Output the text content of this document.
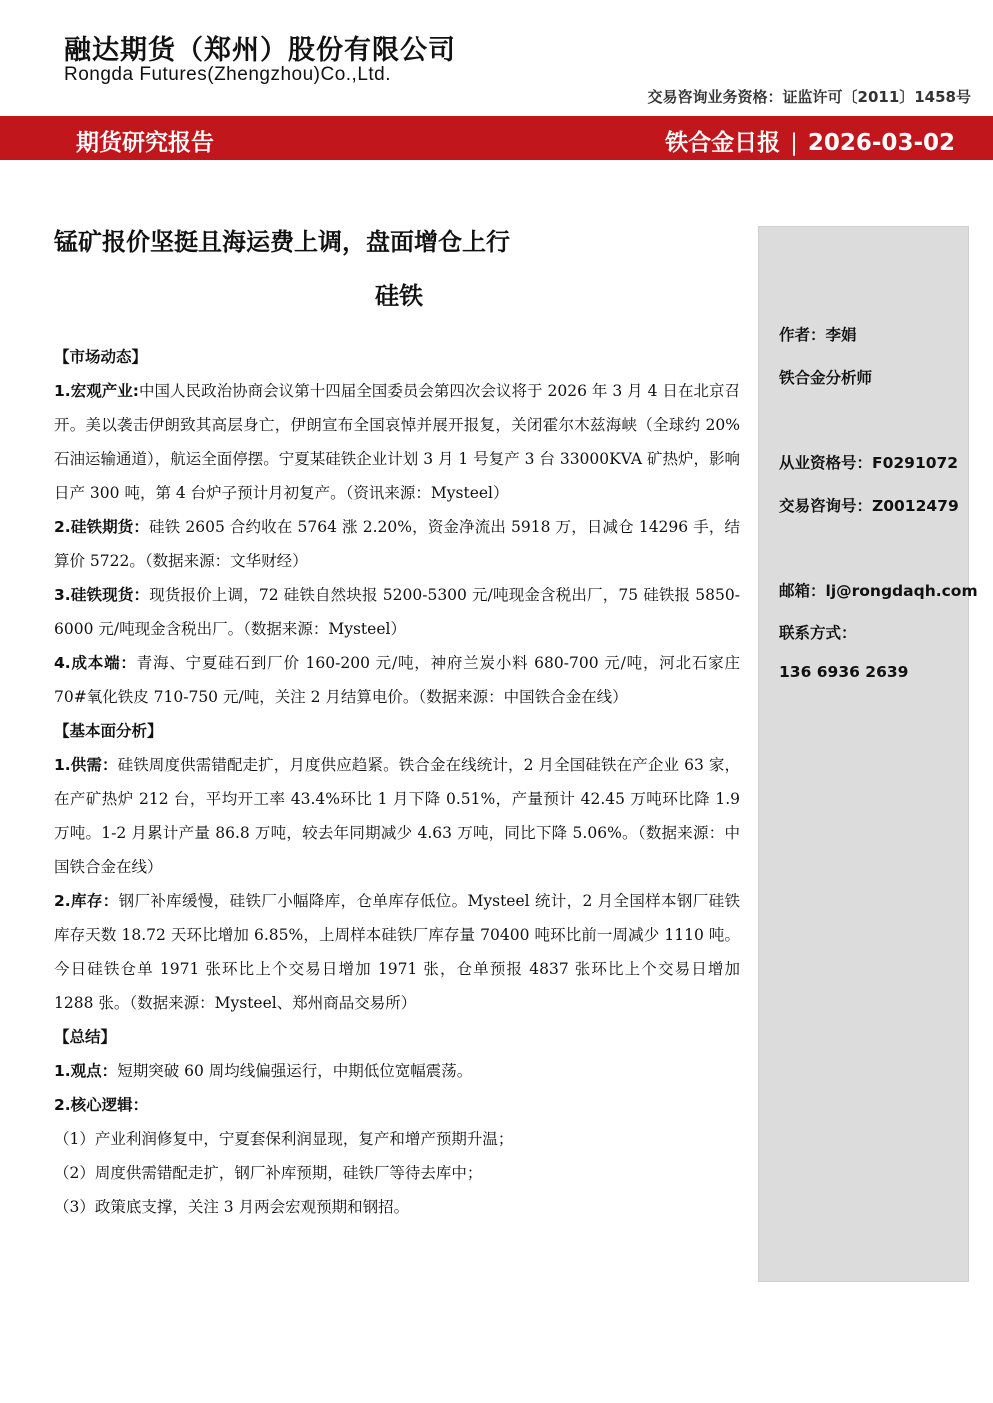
融达期货（郑州）股份有限公司
Rongda Futures(Zhengzhou)Co.,Ltd.
交易咨询业务资格：证监许可〔2011〕1458号
期货研究报告	铁合金日报 | 2026-03-02
锰矿报价坚挺且海运费上调，盘面增仓上行
硅铁

【市场动态】

1.宏观产业:中国人民政治协商会议第十四届全国委员会第四次会议将于 2026 年 3 月 4 日在北京召开。美以袭击伊朗致其高层身亡，伊朗宣布全国哀悼并展开报复，关闭霍尔木兹海峡（全球约 20%石油运输通道），航运全面停摆。宁夏某硅铁企业计划 3 月 1 号复产 3 台 33000KVA 矿热炉，影响日产 300 吨，第 4 台炉子预计月初复产。（资讯来源：Mysteel）

2.硅铁期货：硅铁 2605 合约收在 5764 涨 2.20%，资金净流出 5918 万，日减仓 14296 手，结算价 5722。（数据来源：文华财经）

3.硅铁现货：现货报价上调，72 硅铁自然块报 5200-5300 元/吨现金含税出厂，75 硅铁报 5850-6000 元/吨现金含税出厂。（数据来源：Mysteel）

4.成本端：青海、宁夏硅石到厂价 160-200 元/吨，神府兰炭小料 680-700 元/吨，河北石家庄 70#氧化铁皮 710-750 元/吨，关注 2 月结算电价。（数据来源：中国铁合金在线）

【基本面分析】

1.供需：硅铁周度供需错配走扩，月度供应趋紧。铁合金在线统计，2 月全国硅铁在产企业 63 家，在产矿热炉 212 台，平均开工率 43.4%环比 1 月下降 0.51%，产量预计 42.45 万吨环比降 1.9 万吨。1-2 月累计产量 86.8 万吨，较去年同期减少 4.63 万吨，同比下降 5.06%。（数据来源：中国铁合金在线）

2.库存：钢厂补库缓慢，硅铁厂小幅降库，仓单库存低位。Mysteel 统计，2 月全国样本钢厂硅铁库存天数 18.72 天环比增加 6.85%，上周样本硅铁厂库存量 70400 吨环比前一周减少 1110 吨。今日硅铁仓单 1971 张环比上个交易日增加 1971 张，仓单预报 4837 张环比上个交易日增加 1288 张。（数据来源：Mysteel、郑州商品交易所）

【总结】

1.观点：短期突破 60 周均线偏强运行，中期低位宽幅震荡。

2.核心逻辑：

（1）产业利润修复中，宁夏套保利润显现，复产和增产预期升温；

（2）周度供需错配走扩，钢厂补库预期，硅铁厂等待去库中；

（3）政策底支撑，关注 3 月两会宏观预期和钢招。

作者：李娟
铁合金分析师
从业资格号：F0291072
交易咨询号：Z0012479
邮箱：lj@rongdaqh.com
联系方式：
136 6936 2639
